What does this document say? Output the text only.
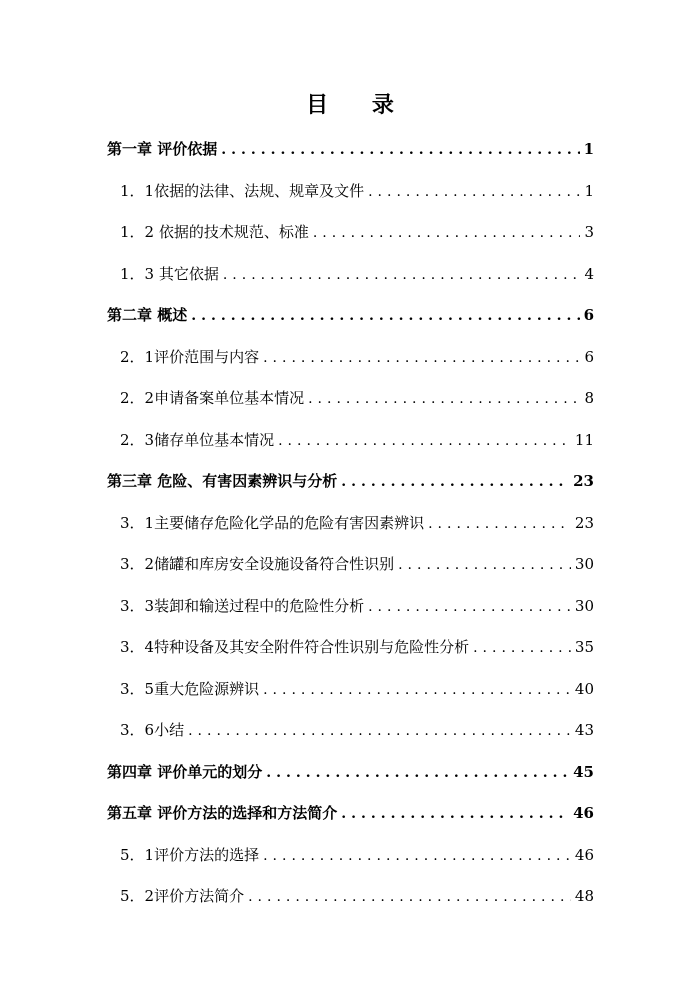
目 录
第一章 评价依据 .....	1
1．1依据的法律、法规、规章及文件 .....	1
1．2 依据的技术规范、标准 .....	3
1．3 其它依据 .....	4
第二章 概述 .....	6
2．1评价范围与内容 .....	6
2．2申请备案单位基本情况 .....	8
2．3储存单位基本情况 .....	11
第三章 危险、有害因素辨识与分析 .....	23
3．1主要储存危险化学品的危险有害因素辨识 .....	23
3．2储罐和库房安全设施设备符合性识别 .....	30
3．3装卸和输送过程中的危险性分析 .....	30
3．4特种设备及其安全附件符合性识别与危险性分析 .....	35
3．5重大危险源辨识 .....	40
3．6小结 .....	43
第四章 评价单元的划分 .....	45
第五章 评价方法的选择和方法简介 .....	46
5．1评价方法的选择 .....	46
5．2评价方法简介 .....	48
